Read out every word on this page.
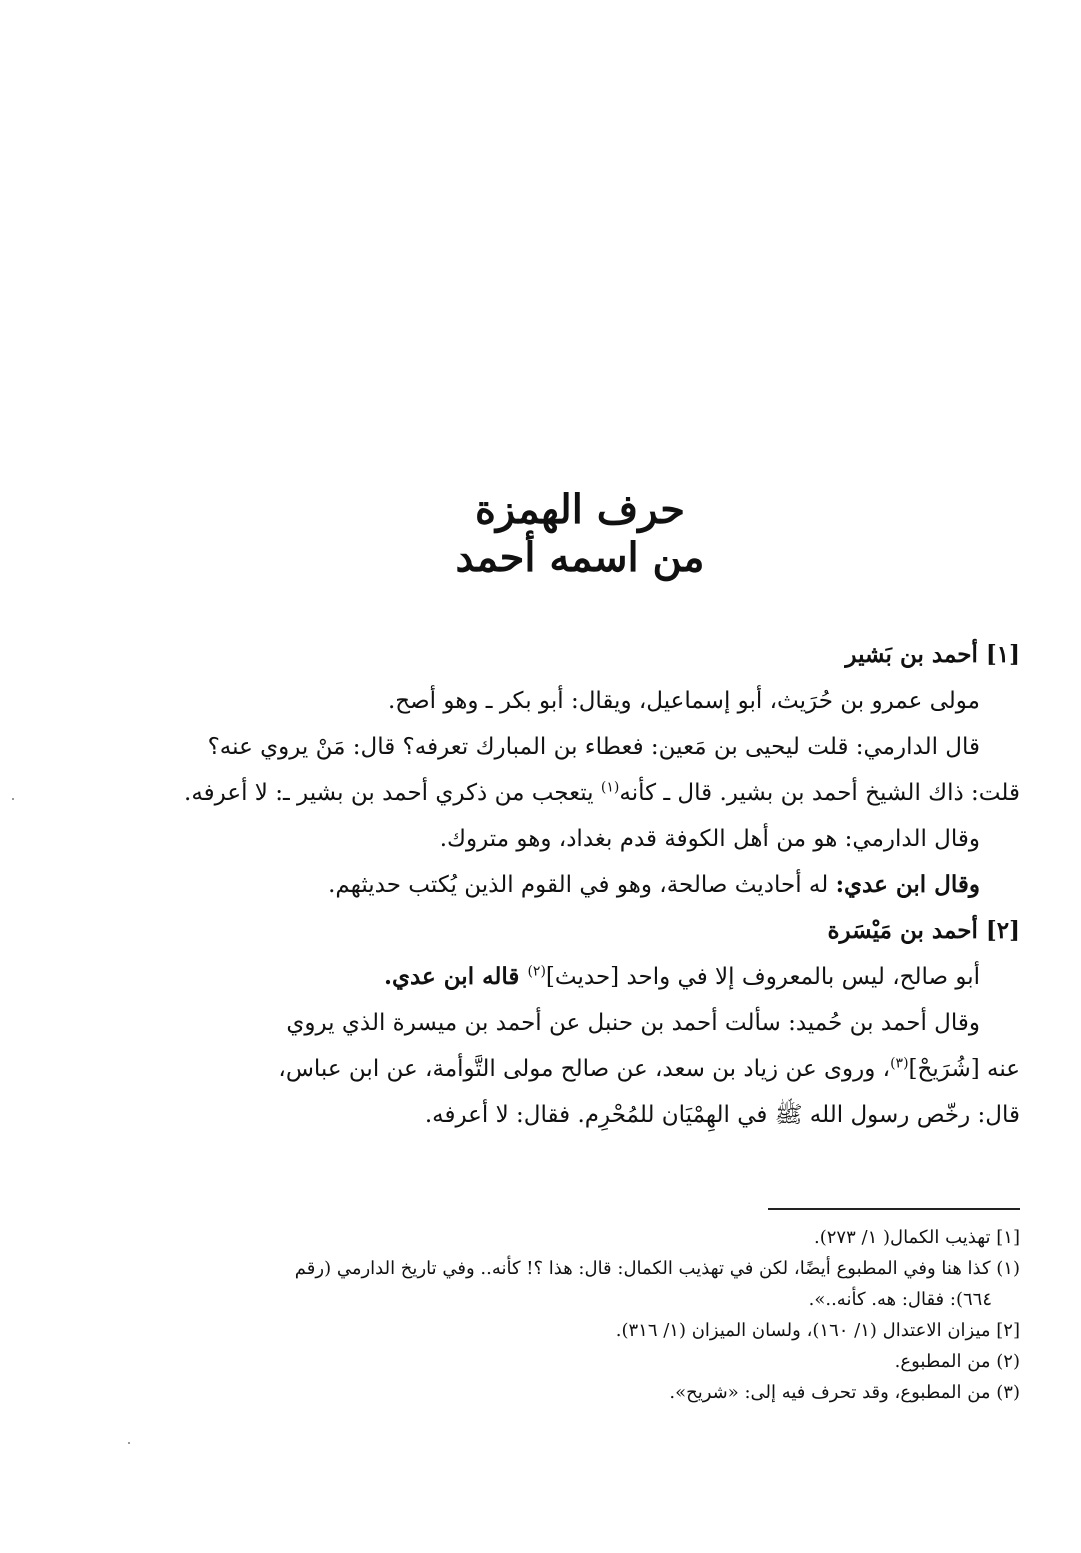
حرف الهمزة
من اسمه أحمد
[١] أحمد بن بَشير
مولى عمرو بن حُرَيث، أبو إسماعيل، ويقال: أبو بكر ـ وهو أصح.
قال الدارمي: قلت ليحيى بن مَعين: فعطاء بن المبارك تعرفه؟ قال: مَنْ يروي عنه؟
قلت: ذاك الشيخ أحمد بن بشير. قال ـ كأنه$^{(١)}$ يتعجب من ذكري أحمد بن بشير ـ: لا أعرفه.
وقال الدارمي: هو من أهل الكوفة قدم بغداد، وهو متروك.
وقال ابن عدي: له أحاديث صالحة، وهو في القوم الذين يُكتب حديثهم.
[٢] أحمد بن مَيْسَرة
أبو صالح، ليس بالمعروف إلا في واحد [حديث]$^{(٢)}$ قاله ابن عدي.
وقال أحمد بن حُميد: سألت أحمد بن حنبل عن أحمد بن ميسرة الذي يروي
عنه [شُرَيحْ]$^{(٣)}$، وروى عن زياد بن سعد، عن صالح مولى التَّوأمة، عن ابن عباس،
قال: رخّص رسول الله ﷺ في الهِمْيَان للمُحْرِم. فقال: لا أعرفه.
[١] تهذيب الكمال( ١/ ٢٧٣).
(١) كذا هنا وفي المطبوع أيضًا، لكن في تهذيب الكمال: قال: هذا ؟! كأنه.. وفي تاريخ الدارمي (رقم
٦٦٤): فقال: هه. كأنه..».
[٢] ميزان الاعتدال (١/ ١٦٠)، ولسان الميزان (١/ ٣١٦).
(٢) من المطبوع.
(٣) من المطبوع، وقد تحرف فيه إلى: «شريح».
